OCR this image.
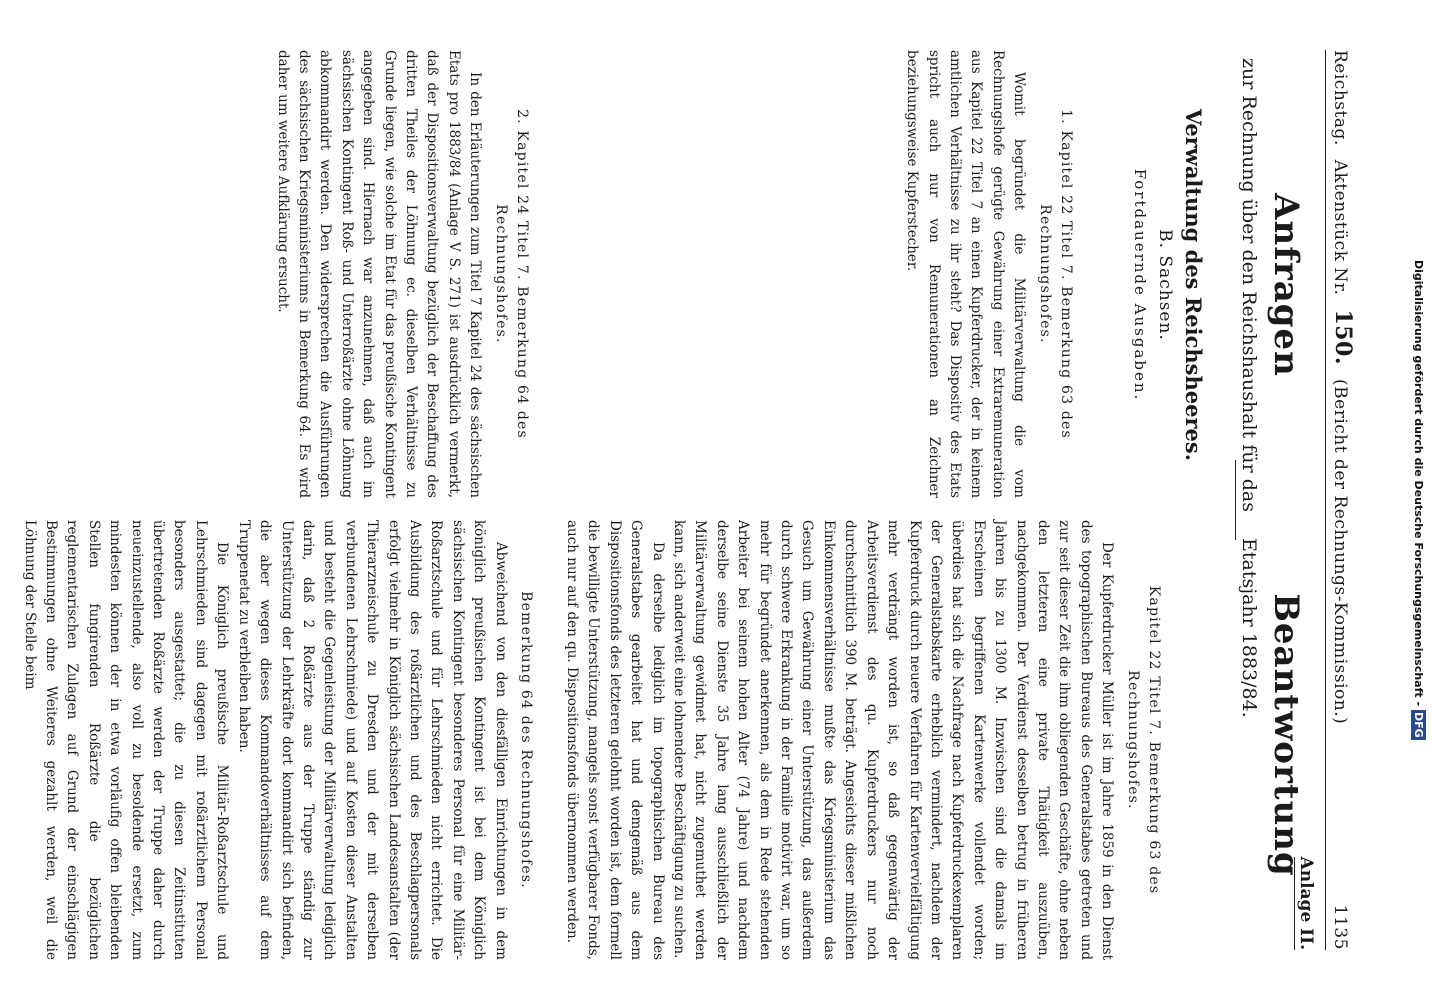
Reichstag.
Aktenstück Nr.
150.
(Bericht der Rechnungs-Kommission.)
1135
Anlage II.
Anfragen
zur Rechnung über den Reichshaushalt für das
Beantwortung
Etatsjahr 1883/84.
Verwaltung des Reichsheeres.
B. Sachsen.
Fortdauernde Ausgaben.
1. Kapitel 22 Titel 7. Bemerkung 63 des Rechnungshofes.

Womit begründet die Militärverwaltung die vom Rechnungshofe gerügte Gewährung einer Extraremuneration aus Kapitel 22 Titel 7 an einen Kupferdrucker, der in keinem amtlichen Verhältnisse zu ihr steht? Das Dispositiv des Etats spricht auch nur von Remunerationen an Zeichner beziehungsweise Kupferstecher.

Kapitel 22 Titel 7. Bemerkung 63 des Rechnungshofes.

Der Kupferdrucker Müller ist im Jahre 1859 in den Dienst des topographischen Bureaus des Generalstabes getreten und zur seit dieser Zeit die ihm obliegenden Geschäfte, ohne neben den letzteren eine private Thätigkeit auszuüben, nachgekommen. Der Verdienst desselben betrug in früheren Jahren bis zu 1300 M. Inzwischen sind die damals im Erscheinen begriffenen Kartenwerke vollendet worden; überdies hat sich die Nachfrage nach Kupferdruckexemplaren der Generalstabskarte erheblich vermindert, nachdem der Kupferdruck durch neuere Verfahren für Kartenvervielfältigung mehr verdrängt worden ist, so daß gegenwärtig der Arbeitsverdienst des qu. Kupferdruckers nur noch durchschnittlich 390 M. beträgt. Angesichts dieser mißlichen Einkommensverhältnisse mußte das Kriegsministerium das Gesuch um Gewährung einer Unterstützung, das außerdem durch schwere Erkrankung in der Familie motivirt war, um so mehr für begründet anerkennen, als dem in Rede stehenden Arbeiter bei seinem hohen Alter (74 Jahre) und nachdem derselbe seine Dienste 35 Jahre lang ausschließlich der Militärverwaltung gewidmet hat, nicht zugemuthet werden kann, sich anderweit eine lohnendere Beschäftigung zu suchen.

Da derselbe lediglich im topographischen Bureau des Generalstabes gearbeitet hat und demgemäß aus dem Dispositionsfonds des letzteren gelohnt worden ist, dem formell die bewilligte Unterstützung, mangels sonst verfügbarer Fonds, auch nur auf den qu. Dispositionsfonds übernommen werden.

2. Kapitel 24 Titel 7. Bemerkung 64 des Rechnungshofes.

In den Erläuterungen zum Titel 7 Kapitel 24 des sächsischen Etats pro 1883/84 (Anlage V S. 271) ist ausdrücklich vermerkt, daß der Dispositionsverwaltung bezüglich der Beschaffung des dritten Theiles der Löhnung ec. dieselben Verhältnisse zu Grunde liegen, wie solche im Etat für das preußische Kontingent angegeben sind. Hiernach war anzunehmen, daß auch im sächsischen Kontingent Roß- und Unterroßärzte ohne Löhnung abkommandirt werden. Den widersprechen die Ausführungen des sächsischen Kriegsministeriums in Bemerkung 64. Es wird daher um weitere Aufklärung ersucht.

Bemerkung 64 des Rechnungshofes.

Abweichend von den diesfälligen Einrichtungen in dem königlich preußischen Kontingent ist bei dem Königlich sächsischen Kontingent besonderes Personal für eine Militär-Roßarztschule und für Lehrschmieden nicht errichtet. Die Ausbildung des roßärztlichen und des Beschlagpersonals erfolgt vielmehr in Königlich sächsischen Landesanstalten (der Thierarzneischule zu Dresden und der mit derselben verbundenen Lehrschmiede) und auf Kosten dieser Anstalten und besteht die Gegenleistung der Militärverwaltung lediglich darin, daß 2 Roßärzte aus der Truppe ständig zur Unterstützung der Lehrkräfte dort kommandirt sich befinden, die aber wegen dieses Kommandoverhältnisses auf dem Truppenetat zu verbleiben haben.

Die Königlich preußische Militär-Roßarztschule und Lehrschmieden sind dagegen mit roßärztlichem Personal besonders ausgestattet; die zu diesen Zeitinstituten übertretenden Roßärzte werden der Truppe daher durch neueinzustellende, also voll zu besoldende ersetzt, zum mindesten können der in etwa vorläufig offen bleibenden Stellen fungirenden Roßärzte die bezüglichen reglementarischen Zulagen auf Grund der einschlägigen Bestimmungen ohne Weiteres gezahlt werden, weil die Löhnung der Stelle beim	Digitalisierung gefördert durch die Deutsche Forschungsgemeinschaft -
DFG
